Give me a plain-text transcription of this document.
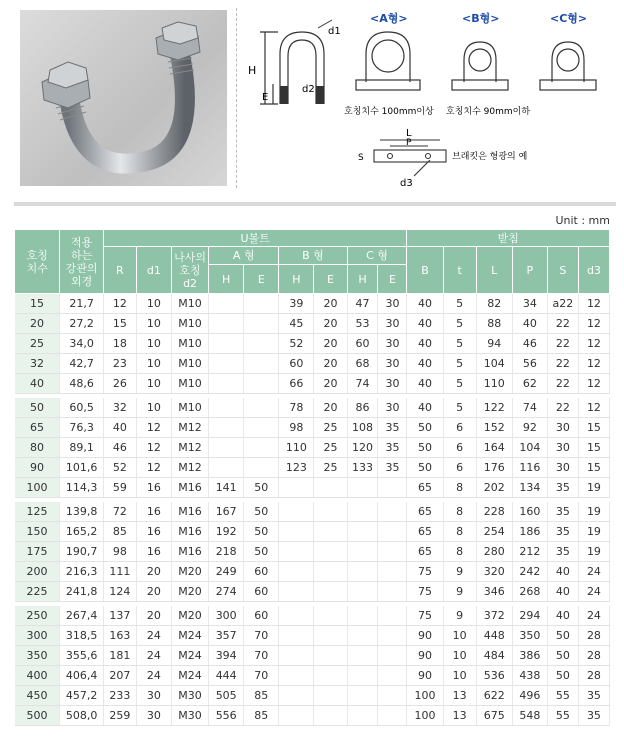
d1
H
E
d2
<A형>
호칭치수 100mm이상
<B형>
호칭치수 90mm이하
<C형>
L
P
S
d3
브래킷은 형광의 예
Unit : mm
호칭
치수	적용
하는
강관의
외경	U볼트									받침					
		R	d1	나사의
호칭
d2	A 형		B 형		C 형		B	t	L	P	S	d3
					H	E	H	E	H	E						
15	21,7	12	10	M10			39	20	47	30	40	5	82	34	a22	12
20	27,2	15	10	M10			45	20	53	30	40	5	88	40	22	12
25	34,0	18	10	M10			52	20	60	30	40	5	94	46	22	12
32	42,7	23	10	M10			60	20	68	30	40	5	104	56	22	12
40	48,6	26	10	M10			66	20	74	30	40	5	110	62	22	12

50	60,5	32	10	M10			78	20	86	30	40	5	122	74	22	12
65	76,3	40	12	M12			98	25	108	35	50	6	152	92	30	15
80	89,1	46	12	M12			110	25	120	35	50	6	164	104	30	15
90	101,6	52	12	M12			123	25	133	35	50	6	176	116	30	15
100	114,3	59	16	M16	141	50					65	8	202	134	35	19

125	139,8	72	16	M16	167	50					65	8	228	160	35	19
150	165,2	85	16	M16	192	50					65	8	254	186	35	19
175	190,7	98	16	M16	218	50					65	8	280	212	35	19
200	216,3	111	20	M20	249	60					75	9	320	242	40	24
225	241,8	124	20	M20	274	60					75	9	346	268	40	24

250	267,4	137	20	M20	300	60					75	9	372	294	40	24
300	318,5	163	24	M24	357	70					90	10	448	350	50	28
350	355,6	181	24	M24	394	70					90	10	484	386	50	28
400	406,4	207	24	M24	444	70					90	10	536	438	50	28
450	457,2	233	30	M30	505	85					100	13	622	496	55	35
500	508,0	259	30	M30	556	85					100	13	675	548	55	35
